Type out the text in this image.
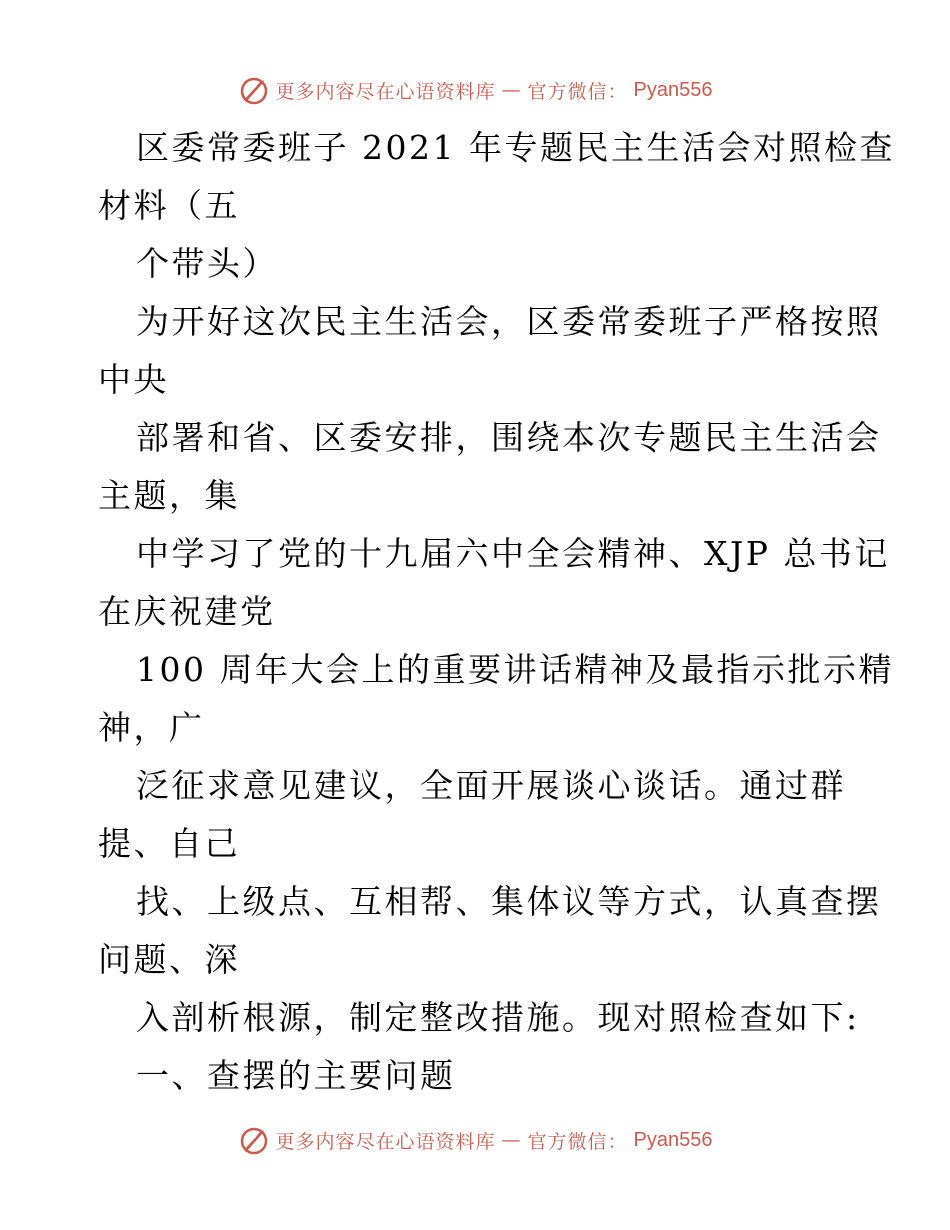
更多内容尽在心语资料库 — 官方微信： Pyan556
区委常委班子 2021 年专题民主生活会对照检查
材料（五
个带头）
为开好这次民主生活会，区委常委班子严格按照
中央
部署和省、区委安排，围绕本次专题民主生活会
主题，集
中学习了党的十九届六中全会精神、XJP 总书记
在庆祝建党
100 周年大会上的重要讲话精神及最指示批示精
神，广
泛征求意见建议，全面开展谈心谈话。通过群
提、自己
找、上级点、互相帮、集体议等方式，认真查摆
问题、深
入剖析根源，制定整改措施。现对照检查如下:
一、查摆的主要问题
更多内容尽在心语资料库 — 官方微信： Pyan556
